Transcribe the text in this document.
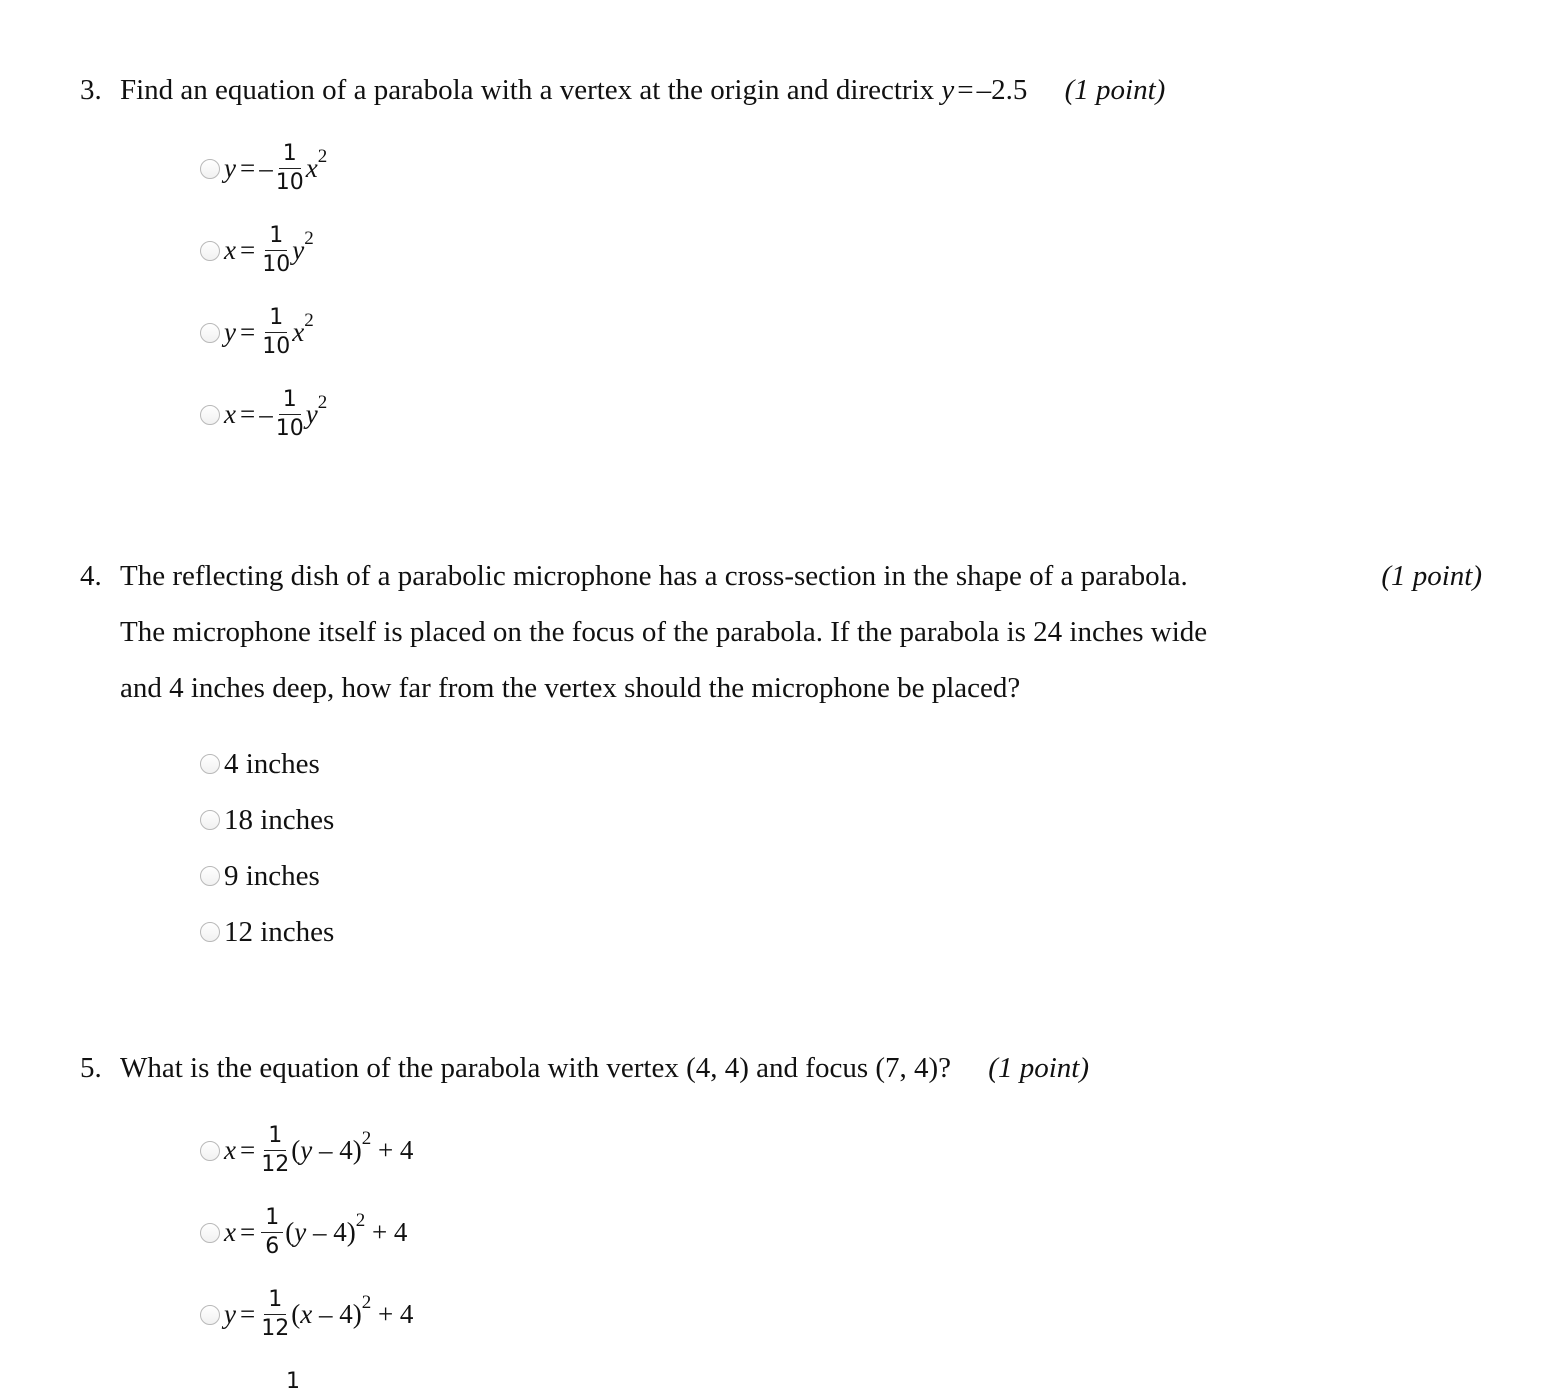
3. Find an equation of a parabola with a vertex at the origin and directrix y = –2.5 (1 point)
y = – $\frac{1}{10}$ x 2
$x = \frac{1}{10}$ y 2
$y = \frac{1}{10}$ x 2
x = – $\frac{1}{10}$ y 2
4. The reflecting dish of a parabolic microphone has a cross-section in the shape of a parabola.
The microphone itself is placed on the focus of the parabola. If the parabola is 24 inches wide
and 4 inches deep, how far from the vertex should the microphone be placed?
(1 point)
4 inches
18 inches
9 inches
12 inches
5. What is the equation of the parabola with vertex (4, 4) and focus (7, 4)? (1 point)
$x = \frac{1}{12}$ ( y – 4) 2 + 4
$x = \frac{1}{6}$ ( y – 4) 2 + 4
$y = \frac{1}{12}$ ( x – 4) 2 + 4
1
